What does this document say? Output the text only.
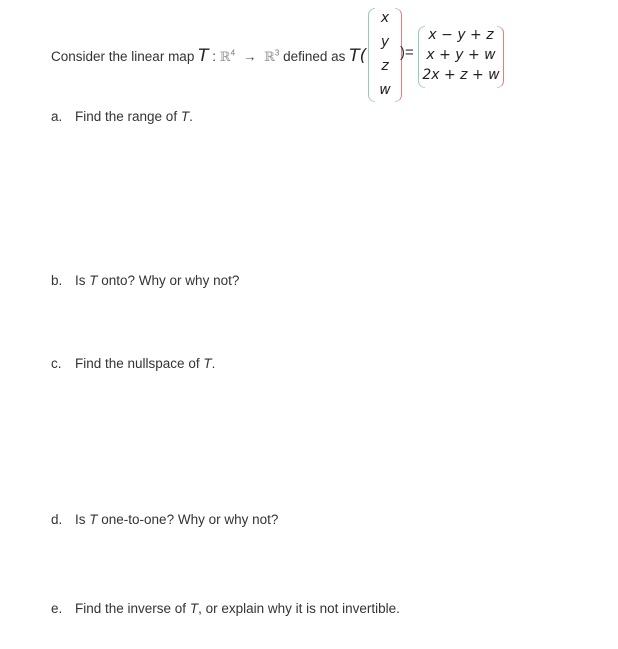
Consider the linear map T : ℝ$^4$ → ℝ$^3$ defined as T(
x
y
z
w
)=
x − y + z
x + y + w
2x + z + w
a. Find the range of T.
b. Is T onto? Why or why not?
c. Find the nullspace of T.
d. Is T one-to-one? Why or why not?
e. Find the inverse of T, or explain why it is not invertible.
